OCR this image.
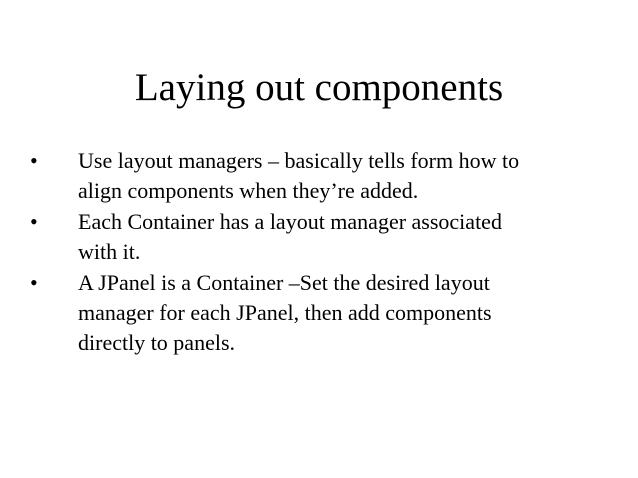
Laying out components
• Use layout managers – basically tells form how to
align components when they’re added.
• Each Container has a layout manager associated
with it.
• A JPanel is a Container –Set the desired layout
manager for each JPanel, then add components
directly to panels.
